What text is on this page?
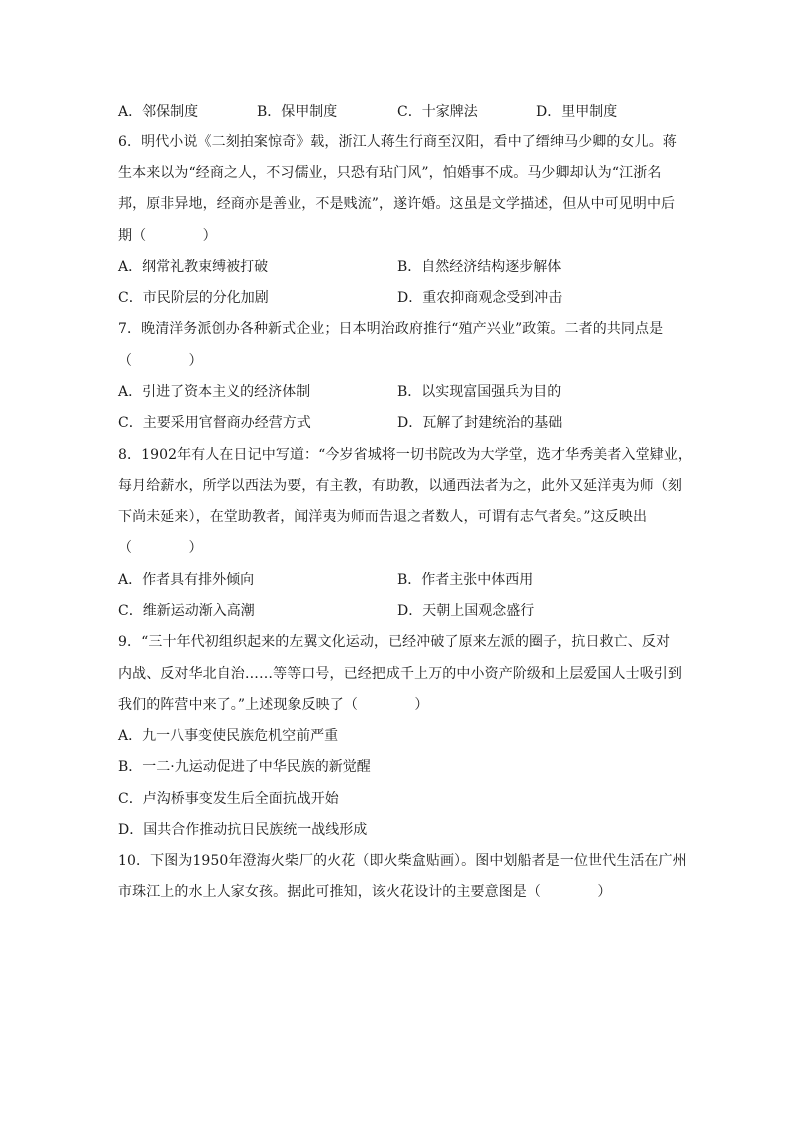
A．邻保制度	B．保甲制度	C．十家牌法	D．里甲制度
6．明代小说《二刻拍案惊奇》载，浙江人蒋生行商至汉阳，看中了缙绅马少卿的女儿。蒋
生本来以为“经商之人，不习儒业，只恐有玷门风”，怕婚事不成。马少卿却认为“江浙名
邦，原非异地，经商亦是善业，不是贱流”，遂许婚。这虽是文学描述，但从中可见明中后
期（　　　　）
A．纲常礼教束缚被打破	B．自然经济结构逐步解体
C．市民阶层的分化加剧	D．重农抑商观念受到冲击
7．晚清洋务派创办各种新式企业；日本明治政府推行“殖产兴业”政策。二者的共同点是
（　　　　）
A．引进了资本主义的经济体制	B．以实现富国强兵为目的
C．主要采用官督商办经营方式	D．瓦解了封建统治的基础
8．1902年有人在日记中写道：“今岁省城将一切书院改为大学堂，选才华秀美者入堂肄业，
每月给薪水，所学以西法为要，有主教，有助教，以通西法者为之，此外又延洋夷为师（刻
下尚未延来），在堂助教者，闻洋夷为师而告退之者数人，可谓有志气者矣。”这反映出
（　　　　）
A．作者具有排外倾向	B．作者主张中体西用
C．维新运动渐入高潮	D．天朝上国观念盛行
9．“三十年代初组织起来的左翼文化运动，已经冲破了原来左派的圈子，抗日救亡、反对
内战、反对华北自治……等等口号，已经把成千上万的中小资产阶级和上层爱国人士吸引到
我们的阵营中来了。”上述现象反映了（　　　　）
A．九一八事变使民族危机空前严重
B．一二·九运动促进了中华民族的新觉醒
C．卢沟桥事变发生后全面抗战开始
D．国共合作推动抗日民族统一战线形成
10．下图为1950年澄海火柴厂的火花（即火柴盒贴画）。图中划船者是一位世代生活在广州
市珠江上的水上人家女孩。据此可推知，该火花设计的主要意图是（　　　　）
